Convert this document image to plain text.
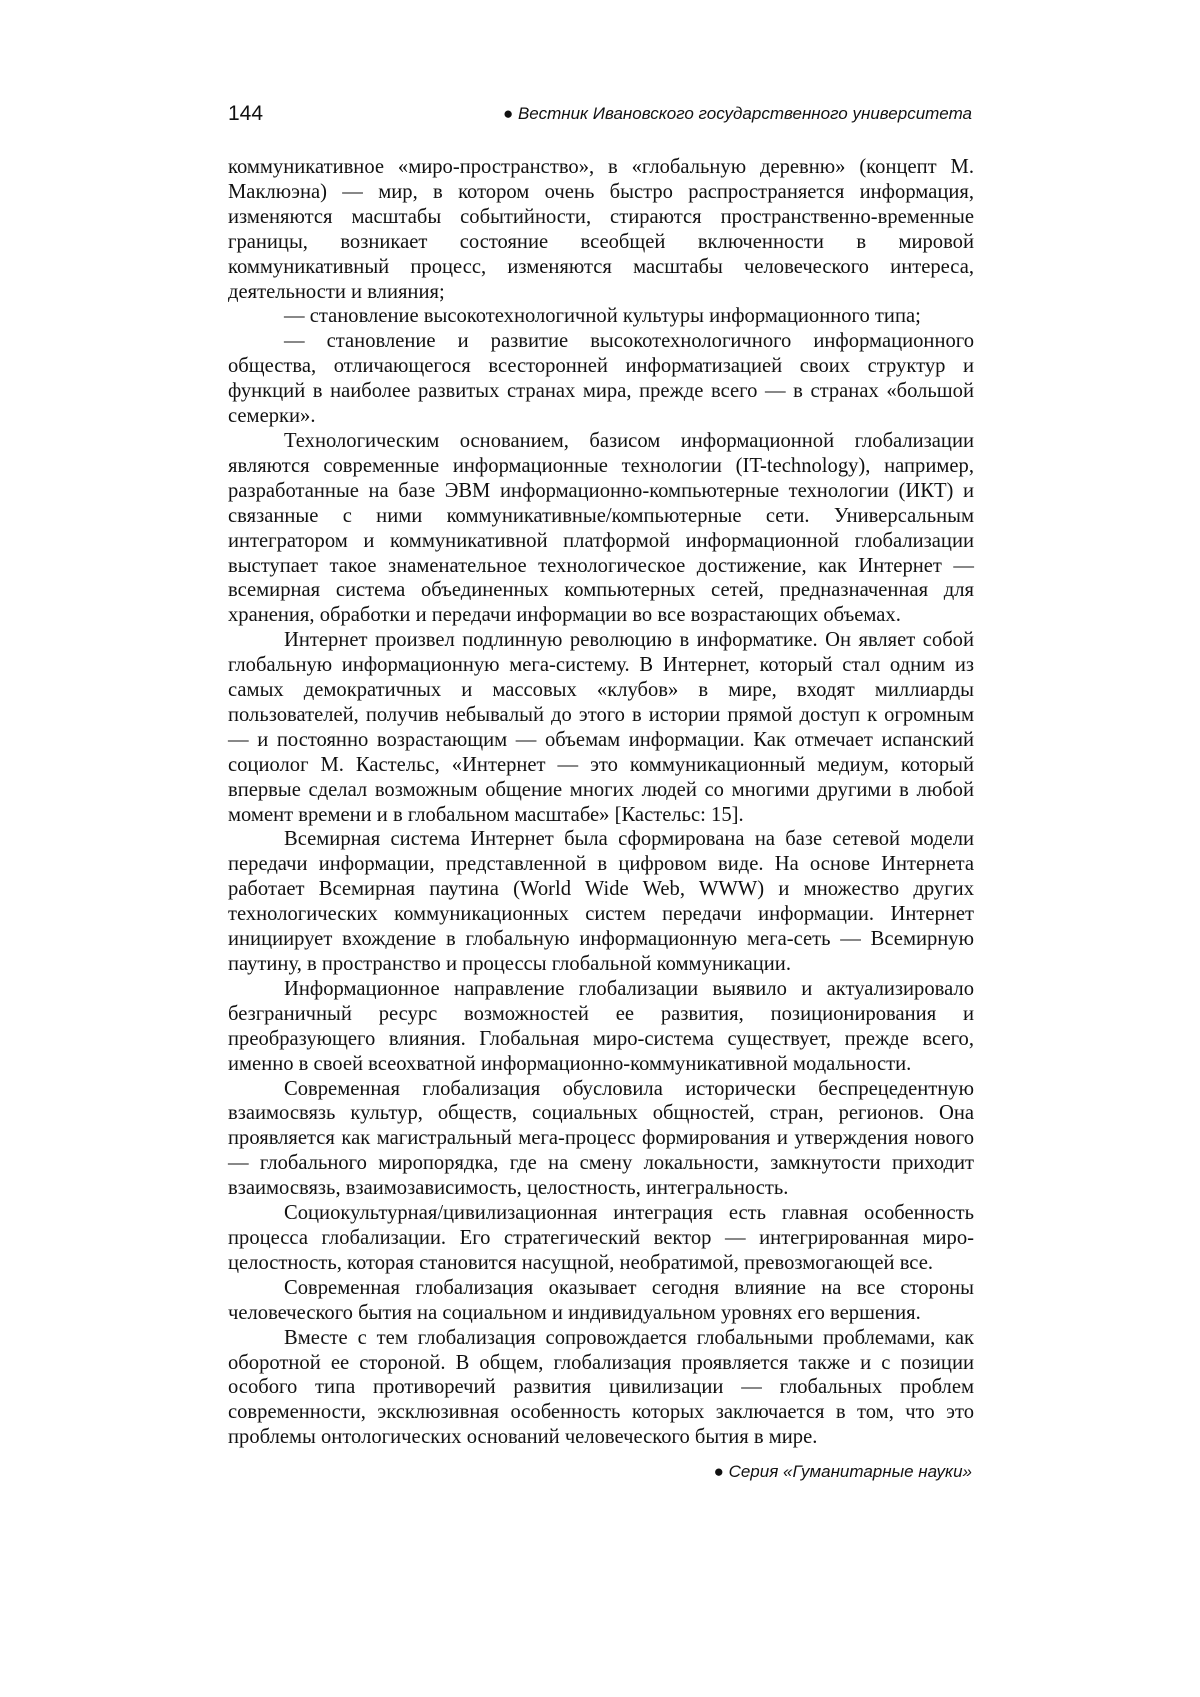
144	● Вестник Ивановского государственного университета

коммуникативное «миро-пространство», в «глобальную деревню» (концепт М. Маклюэна) — мир, в котором очень быстро распространяется информация, изменяются масштабы событийности, стираются пространственно-временные границы, возникает состояние всеобщей включенности в мировой коммуникативный процесс, изменяются масштабы человеческого интереса, деятельности и влияния;

— становление высокотехнологичной культуры информационного типа;

— становление и развитие высокотехнологичного информационного общества, отличающегося всесторонней информатизацией своих структур и функций в наиболее развитых странах мира, прежде всего — в странах «большой семерки».

Технологическим основанием, базисом информационной глобализации являются современные информационные технологии (IT-technology), например, разработанные на базе ЭВМ информационно-компьютерные технологии (ИКТ) и связанные с ними коммуникативные/компьютерные сети. Универсальным интегратором и коммуникативной платформой информационной глобализации выступает такое знаменательное технологическое достижение, как Интернет — всемирная система объединенных компьютерных сетей, предназначенная для хранения, обработки и передачи информации во все возрастающих объемах.

Интернет произвел подлинную революцию в информатике. Он являет собой глобальную информационную мега-систему. В Интернет, который стал одним из самых демократичных и массовых «клубов» в мире, входят миллиарды пользователей, получив небывалый до этого в истории прямой доступ к огромным — и постоянно возрастающим — объемам информации. Как отмечает испанский социолог М. Кастельс, «Интернет — это коммуникационный медиум, который впервые сделал возможным общение многих людей со многими другими в любой момент времени и в глобальном масштабе» [Кастельс: 15].

Всемирная система Интернет была сформирована на базе сетевой модели передачи информации, представленной в цифровом виде. На основе Интернета работает Всемирная паутина (World Wide Web, WWW) и множество других технологических коммуникационных систем передачи информации. Интернет инициирует вхождение в глобальную информационную мега-сеть — Всемирную паутину, в пространство и процессы глобальной коммуникации.

Информационное направление глобализации выявило и актуализировало безграничный ресурс возможностей ее развития, позиционирования и преобразующего влияния. Глобальная миро-система существует, прежде всего, именно в своей всеохватной информационно-коммуникативной модальности.

Современная глобализация обусловила исторически беспрецедентную взаимосвязь культур, обществ, социальных общностей, стран, регионов. Она проявляется как магистральный мега-процесс формирования и утверждения нового — глобального миропорядка, где на смену локальности, замкнутости приходит взаимосвязь, взаимозависимость, целостность, интегральность.

Социокультурная/цивилизационная интеграция есть главная особенность процесса глобализации. Его стратегический вектор — интегрированная миро-целостность, которая становится насущной, необратимой, превозмогающей все.

Современная глобализация оказывает сегодня влияние на все стороны человеческого бытия на социальном и индивидуальном уровнях его вершения.

Вместе с тем глобализация сопровождается глобальными проблемами, как оборотной ее стороной. В общем, глобализация проявляется также и с позиции особого типа противоречий развития цивилизации — глобальных проблем современности, эксклюзивная особенность которых заключается в том, что это проблемы онтологических оснований человеческого бытия в мире.

● Серия «Гуманитарные науки»
